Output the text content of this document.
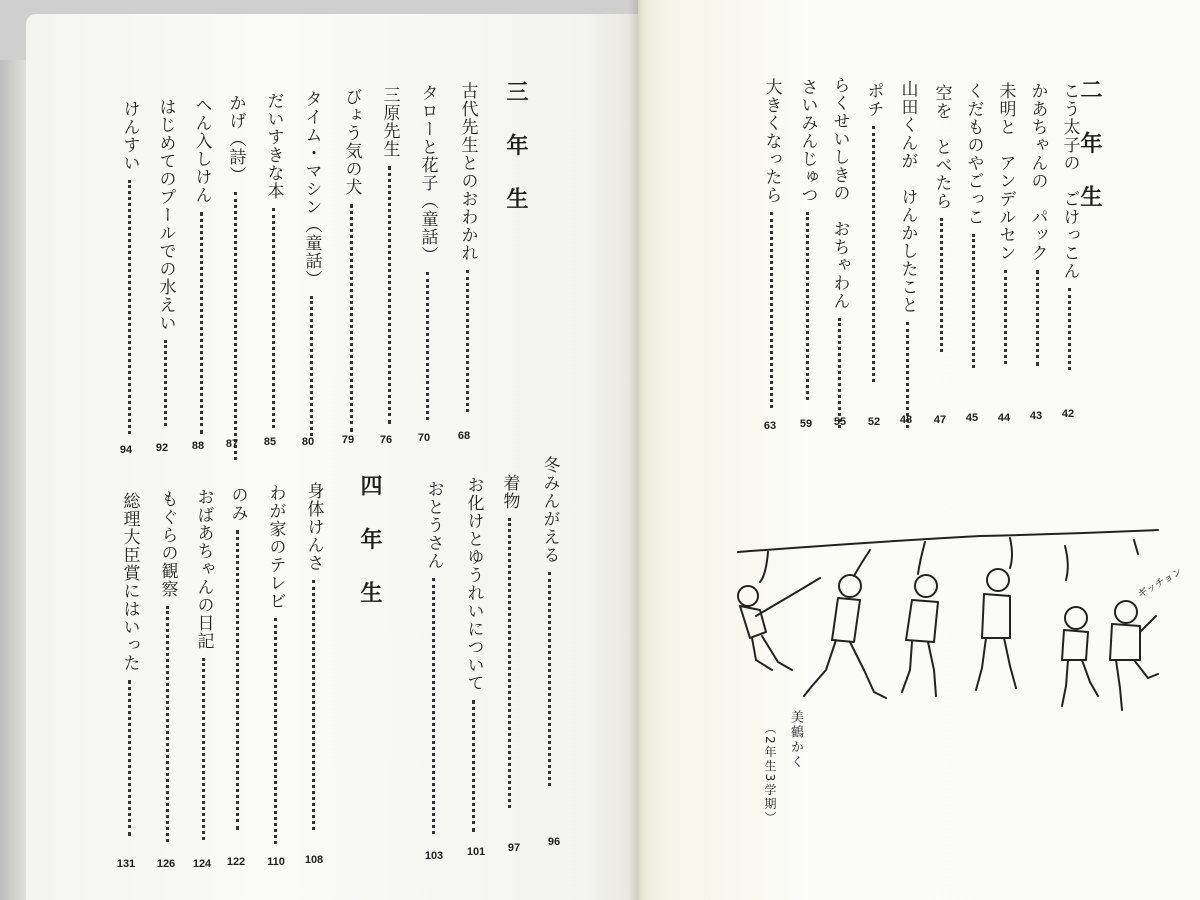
二 年 生
こう太子の　ごけっこん
42
かあちゃんの　パック
43
未明と　アンデルセン
44
くだものやごっこ
45
空を　とべたら
47
山田くんが　けんかしたこと
48
ポチ
52
らくせいしきの　おちゃわん
55
さいみんじゅつ
59
大きくなったら
63
ギッチョン
美鶴かく
（2年生3学期）
三 年 生
古代先生とのおわかれ
68
タローと花子（童話）
70
三原先生
76
びょう気の犬
79
タイム・マシン（童話）
80
だいすきな本
85
かげ（詩）
87
へん入しけん
88
はじめてのプールでの水えい
92
けんすい
94
冬みんがえる
96
着物
97
お化けとゆうれいについて
101
おとうさん
103
四 年 生
身体けんさ
108
わが家のテレビ
110
のみ
122
おばあちゃんの日記
124
もぐらの観察
126
総理大臣賞にはいった
131
